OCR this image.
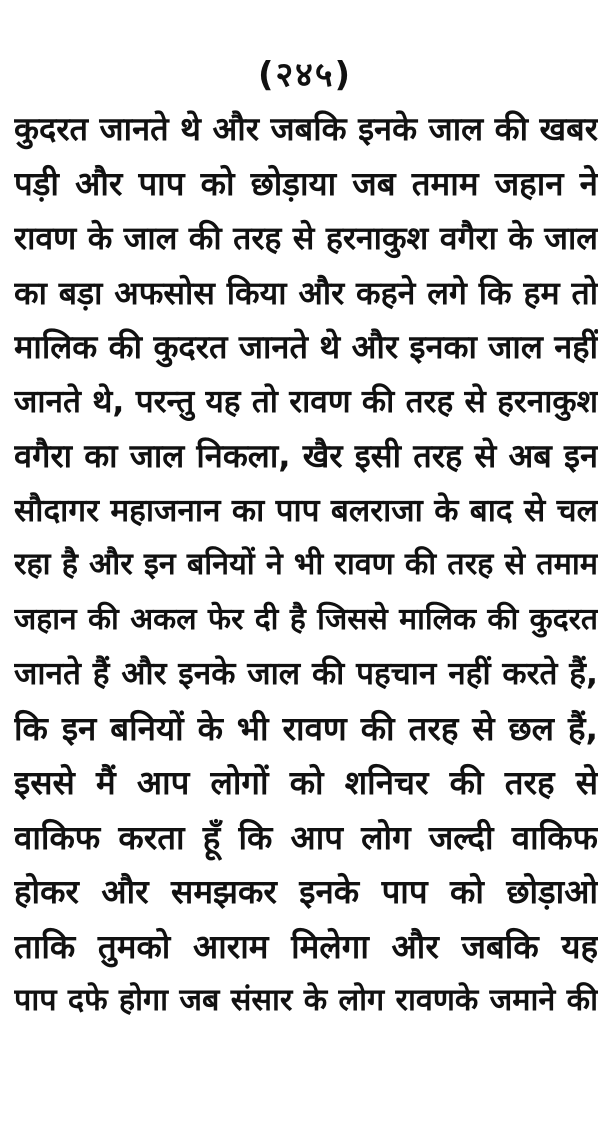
(२४५)
कुदरत जानते थे और जबकि इनके जाल की खबर
पड़ी और पाप को छोड़ाया जब तमाम जहान ने
रावण के जाल की तरह से हरनाकुश वगैरा के जाल
का बड़ा अफसोस किया और कहने लगे कि हम तो
मालिक की कुदरत जानते थे और इनका जाल नहीं
जानते थे, परन्तु यह तो रावण की तरह से हरनाकुश
वगैरा का जाल निकला, खैर इसी तरह से अब इन
सौदागर महाजनान का पाप बलराजा के बाद से चल
रहा है और इन बनियों ने भी रावण की तरह से तमाम
जहान की अकल फेर दी है जिससे मालिक की कुदरत
जानते हैं और इनके जाल की पहचान नहीं करते हैं,
कि इन बनियों के भी रावण की तरह से छल हैं,
इससे मैं आप लोगों को शनिचर की तरह से
वाकिफ करता हूँ कि आप लोग जल्दी वाकिफ
होकर और समझकर इनके पाप को छोड़ाओ
ताकि तुमको आराम मिलेगा और जबकि यह
पाप दफे होगा जब संसार के लोग रावणके जमाने की
